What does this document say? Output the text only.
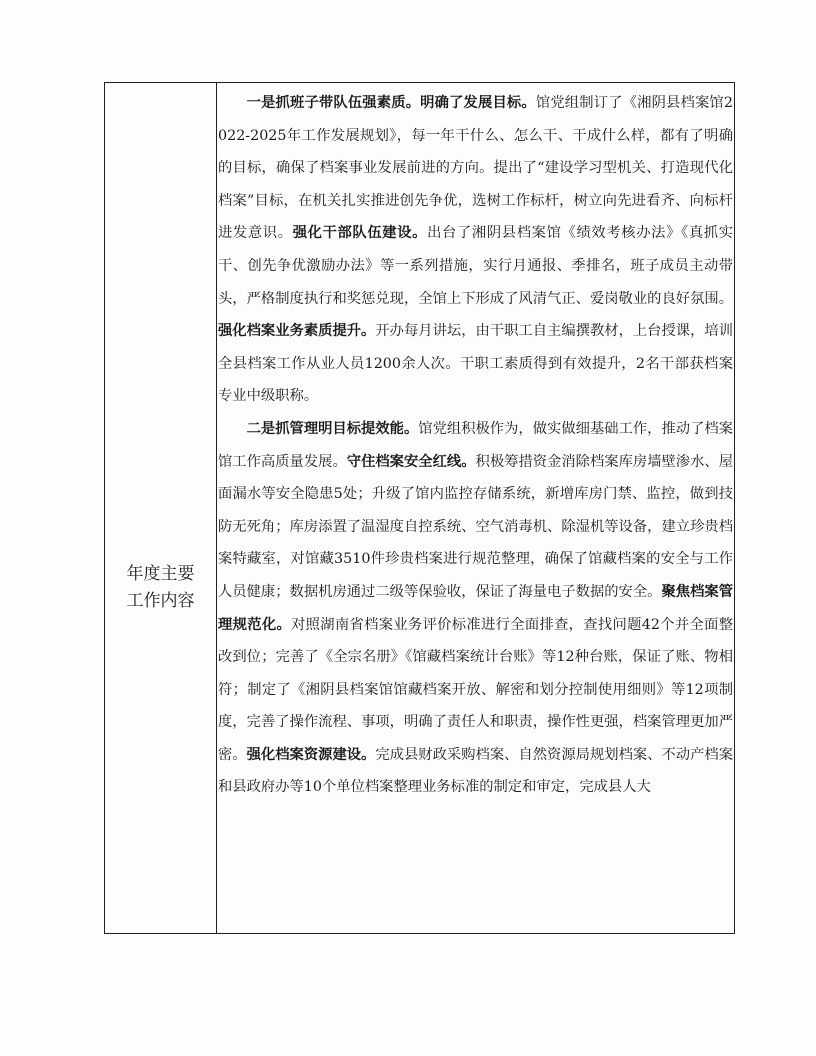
年度主要
工作内容

一是抓班子带队伍强素质。明确了发展目标。馆党组制订了《湘阴县档案馆2022-2025年工作发展规划》，每一年干什么、怎么干、干成什么样，都有了明确的目标，确保了档案事业发展前进的方向。提出了“建设学习型机关、打造现代化档案”目标，在机关扎实推进创先争优，选树工作标杆，树立向先进看齐、向标杆进发意识。强化干部队伍建设。出台了湘阴县档案馆《绩效考核办法》《真抓实干、创先争优激励办法》等一系列措施，实行月通报、季排名，班子成员主动带头，严格制度执行和奖惩兑现，全馆上下形成了风清气正、爱岗敬业的良好氛围。强化档案业务素质提升。开办每月讲坛，由干职工自主编撰教材，上台授课，培训全县档案工作从业人员1200余人次。干职工素质得到有效提升，2名干部获档案专业中级职称。

二是抓管理明目标提效能。馆党组积极作为，做实做细基础工作，推动了档案馆工作高质量发展。守住档案安全红线。积极筹措资金消除档案库房墙壁渗水、屋面漏水等安全隐患5处；升级了馆内监控存储系统，新增库房门禁、监控，做到技防无死角；库房添置了温湿度自控系统、空气消毒机、除湿机等设备，建立珍贵档案特藏室，对馆藏3510件珍贵档案进行规范整理，确保了馆藏档案的安全与工作人员健康；数据机房通过二级等保验收，保证了海量电子数据的安全。聚焦档案管理规范化。对照湖南省档案业务评价标准进行全面排查，查找问题42个并全面整改到位；完善了《全宗名册》《馆藏档案统计台账》等12种台账，保证了账、物相符；制定了《湘阴县档案馆馆藏档案开放、解密和划分控制使用细则》等12项制度，完善了操作流程、事项，明确了责任人和职责，操作性更强，档案管理更加严密。强化档案资源建设。完成县财政采购档案、自然资源局规划档案、不动产档案和县政府办等10个单位档案整理业务标准的制定和审定，完成县人大
